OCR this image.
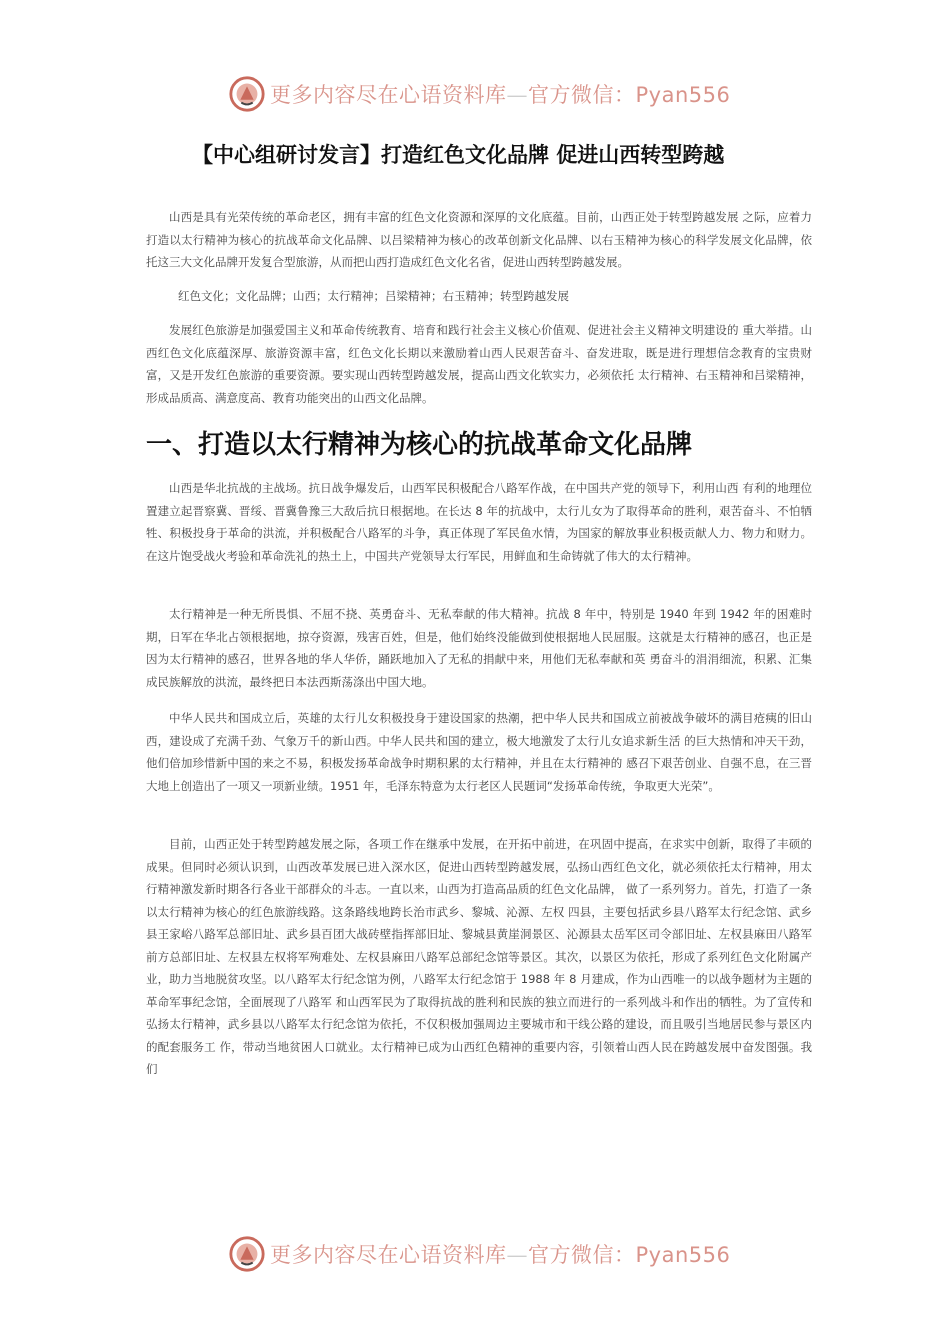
更多内容尽在心语资料库—官方微信：Pyan556
【中心组研讨发言】打造红色文化品牌 促进山西转型跨越

山西是具有光荣传统的革命老区，拥有丰富的红色文化资源和深厚的文化底蕴。目前，山西正处于转型跨越发展 之际，应着力打造以太行精神为核心的抗战革命文化品牌、以吕梁精神为核心的改革创新文化品牌、以右玉精神为核心的科学发展文化品牌，依托这三大文化品牌开发复合型旅游，从而把山西打造成红色文化名省，促进山西转型跨越发展。

红色文化；文化品牌；山西；太行精神；吕梁精神；右玉精神；转型跨越发展

发展红色旅游是加强爱国主义和革命传统教育、培育和践行社会主义核心价值观、促进社会主义精神文明建设的 重大举措。山西红色文化底蕴深厚、旅游资源丰富，红色文化长期以来激励着山西人民艰苦奋斗、奋发进取，既是进行理想信念教育的宝贵财富，又是开发红色旅游的重要资源。要实现山西转型跨越发展，提高山西文化软实力，必须依托 太行精神、右玉精神和吕梁精神，形成品质高、满意度高、教育功能突出的山西文化品牌。

一、打造以太行精神为核心的抗战革命文化品牌

山西是华北抗战的主战场。抗日战争爆发后，山西军民积极配合八路军作战，在中国共产党的领导下，利用山西 有利的地理位置建立起晋察冀、晋绥、晋冀鲁豫三大敌后抗日根据地。在长达 8 年的抗战中，太行儿女为了取得革命的胜利，艰苦奋斗、不怕牺牲、积极投身于革命的洪流，并积极配合八路军的斗争，真正体现了军民鱼水情，为国家的解放事业积极贡献人力、物力和财力。在这片饱受战火考验和革命洗礼的热土上，中国共产党领导太行军民，用鲜血和生命铸就了伟大的太行精神。

太行精神是一种无所畏惧、不屈不挠、英勇奋斗、无私奉献的伟大精神。抗战 8 年中，特别是 1940 年到 1942 年的困难时期，日军在华北占领根据地，掠夺资源，残害百姓，但是，他们始终没能做到使根据地人民屈服。这就是太行精神的感召，也正是因为太行精神的感召，世界各地的华人华侨，踊跃地加入了无私的捐献中来，用他们无私奉献和英 勇奋斗的涓涓细流，积累、汇集成民族解放的洪流，最终把日本法西斯荡涤出中国大地。

中华人民共和国成立后，英雄的太行儿女积极投身于建设国家的热潮，把中华人民共和国成立前被战争破坏的满目疮痍的旧山西，建设成了充满千劲、气象万千的新山西。中华人民共和国的建立，极大地激发了太行儿女追求新生活 的巨大热情和冲天干劲，他们倍加珍惜新中国的来之不易，积极发扬革命战争时期积累的太行精神，并且在太行精神的 感召下艰苦创业、自强不息，在三晋大地上创造出了一项又一项新业绩。1951 年，毛泽东特意为太行老区人民题词“发扬革命传统，争取更大光荣”。

目前，山西正处于转型跨越发展之际，各项工作在继承中发展，在开拓中前进，在巩固中提高，在求实中创新，取得了丰硕的成果。但同时必须认识到，山西改革发展已进入深水区，促进山西转型跨越发展，弘扬山西红色文化，就必须依托太行精神，用太行精神激发新时期各行各业干部群众的斗志。一直以来，山西为打造高品质的红色文化品牌， 做了一系列努力。首先，打造了一条以太行精神为核心的红色旅游线路。这条路线地跨长治市武乡、黎城、沁源、左权 四县，主要包括武乡县八路军太行纪念馆、武乡县王家峪八路军总部旧址、武乡县百团大战砖壁指挥部旧址、黎城县黄崖洞景区、沁源县太岳军区司令部旧址、左权县麻田八路军前方总部旧址、左权县左权将军殉难处、左权县麻田八路军总部纪念馆等景区。其次，以景区为依托，形成了系列红色文化附属产业，助力当地脱贫攻坚。以八路军太行纪念馆为例，八路军太行纪念馆于 1988 年 8 月建成，作为山西唯一的以战争题材为主题的革命军事纪念馆，全面展现了八路军 和山西军民为了取得抗战的胜利和民族的独立而进行的一系列战斗和作出的牺牲。为了宣传和弘扬太行精神，武乡县以八路军太行纪念馆为依托，不仅积极加强周边主要城市和干线公路的建设，而且吸引当地居民参与景区内的配套服务工 作，带动当地贫困人口就业。太行精神已成为山西红色精神的重要内容，引领着山西人民在跨越发展中奋发图强。我们

更多内容尽在心语资料库—官方微信：Pyan556
